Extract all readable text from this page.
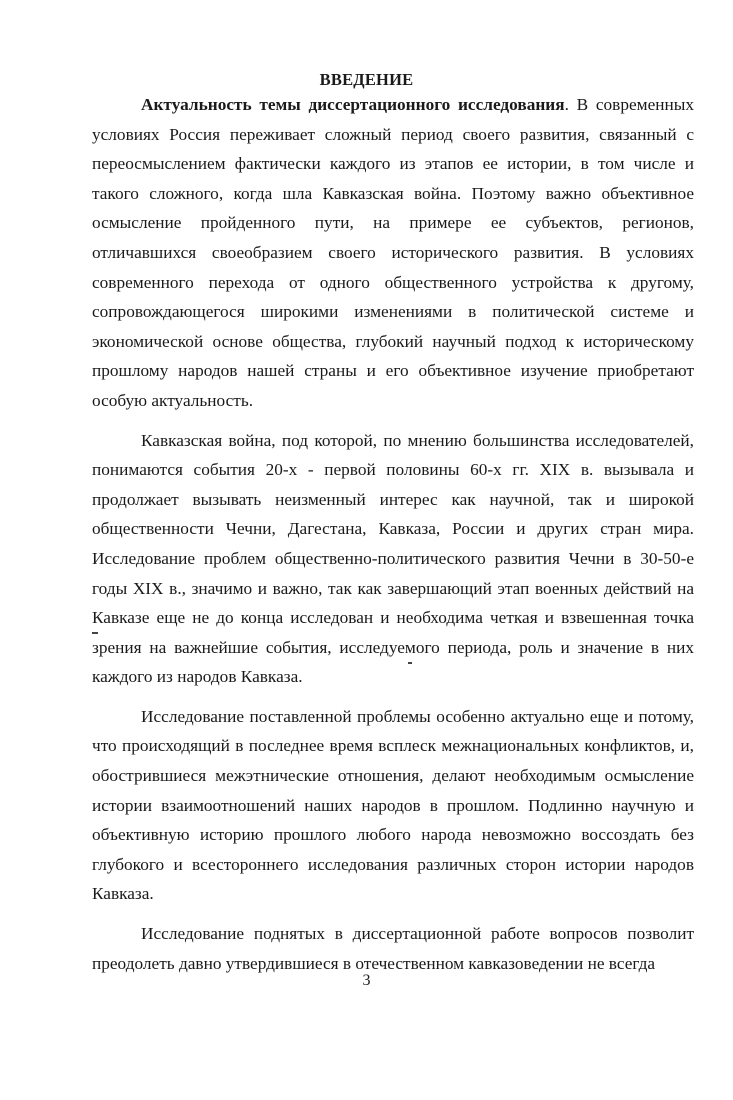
ВВЕДЕНИЕ

Актуальность темы диссертационного исследования. В современных условиях Россия переживает сложный период своего развития, связанный с переосмыслением фактически каждого из этапов ее истории, в том числе и такого сложного, когда шла Кавказская война. Поэтому важно объективное осмысление пройденного пути, на примере ее субъектов, регионов, отличавшихся своеобразием своего исторического развития. В условиях современного перехода от одного общественного устройства к другому, сопровождающегося широкими изменениями в политической системе и экономической основе общества, глубокий научный подход к историческому прошлому народов нашей страны и его объективное изучение приобретают особую актуальность.

Кавказская война, под которой, по мнению большинства исследователей, понимаются события 20-х - первой половины 60-х гг. XIX в. вызывала и продолжает вызывать неизменный интерес как научной, так и широкой общественности Чечни, Дагестана, Кавказа, России и других стран мира. Исследование проблем общественно-политического развития Чечни в 30-50-е годы XIX в., значимо и важно, так как завершающий этап военных действий на Кавказе еще не до конца исследован и необходима четкая и взвешенная точка зрения на важнейшие события, исследуемого периода, роль и значение в них каждого из народов Кавказа.

Исследование поставленной проблемы особенно актуально еще и потому, что происходящий в последнее время всплеск межнациональных конфликтов, и, обострившиеся межэтнические отношения, делают необходимым осмысление истории взаимоотношений наших народов в прошлом. Подлинно научную и объективную историю прошлого любого народа невозможно воссоздать без глубокого и всестороннего исследования различных сторон истории народов Кавказа.

Исследование поднятых в диссертационной работе вопросов позволит преодолеть давно утвердившиеся в отечественном кавказоведении не всегда

3
